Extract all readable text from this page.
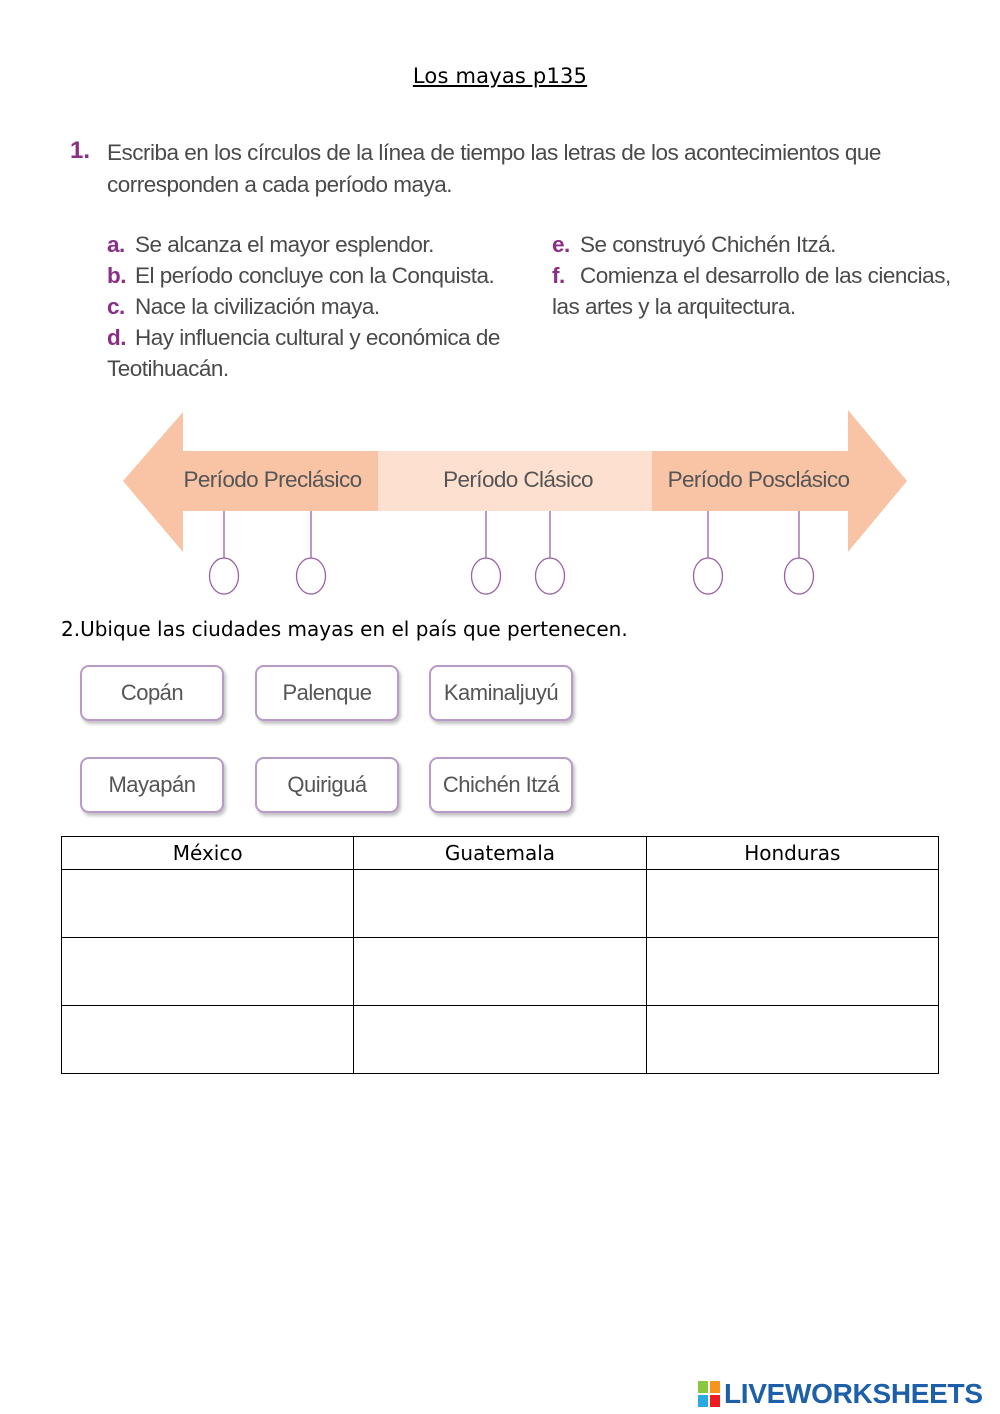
Los mayas p135
1. Escriba en los círculos de la línea de tiempo las letras de los acontecimientos que corresponden a cada período maya.
a. Se alcanza el mayor esplendor.
b. El período concluye con la Conquista.
c. Nace la civilización maya.
d. Hay influencia cultural y económica de
Teotihuacán.
e. Se construyó Chichén Itzá.
f. Comienza el desarrollo de las ciencias,
las artes y la arquitectura.
Período Preclásico	Período Clásico	Período Posclásico
2.Ubique las ciudades mayas en el país que pertenecen.
Copán	Palenque	Kaminaljuyú
Mayapán	Quiriguá	Chichén Itzá
México	Guatemala	Honduras

LIVEWORKSHEETS
